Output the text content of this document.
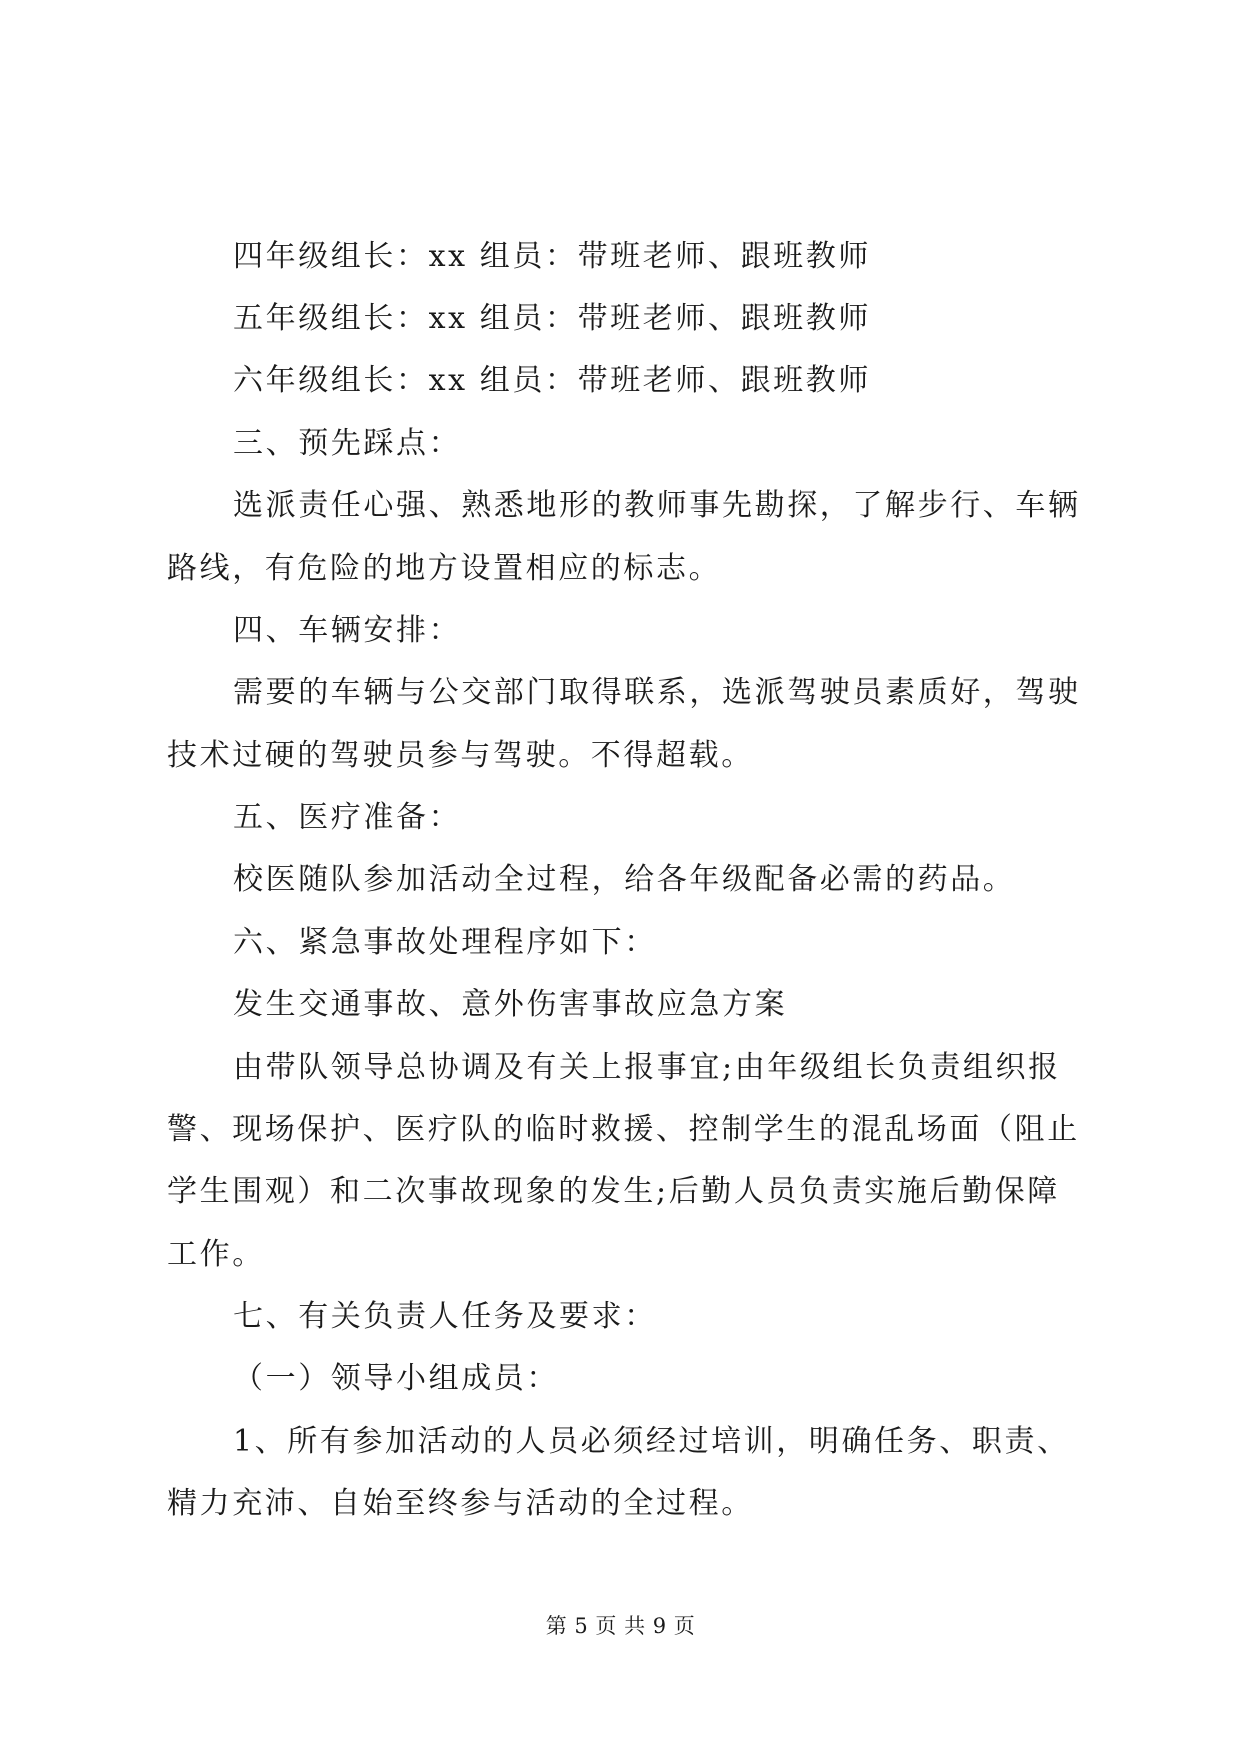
四年级组长：xx 组员：带班老师、跟班教师

五年级组长：xx 组员：带班老师、跟班教师

六年级组长：xx 组员：带班老师、跟班教师

三、预先踩点：

选派责任心强、熟悉地形的教师事先勘探，了解步行、车辆

路线，有危险的地方设置相应的标志。

四、车辆安排：

需要的车辆与公交部门取得联系，选派驾驶员素质好，驾驶

技术过硬的驾驶员参与驾驶。不得超载。

五、医疗准备：

校医随队参加活动全过程，给各年级配备必需的药品。

六、紧急事故处理程序如下：

发生交通事故、意外伤害事故应急方案

由带队领导总协调及有关上报事宜;由年级组长负责组织报

警、现场保护、医疗队的临时救援、控制学生的混乱场面（阻止

学生围观）和二次事故现象的发生;后勤人员负责实施后勤保障

工作。

七、有关负责人任务及要求：

（一）领导小组成员：

1、所有参加活动的人员必须经过培训，明确任务、职责、

精力充沛、自始至终参与活动的全过程。

第 5 页 共 9 页
